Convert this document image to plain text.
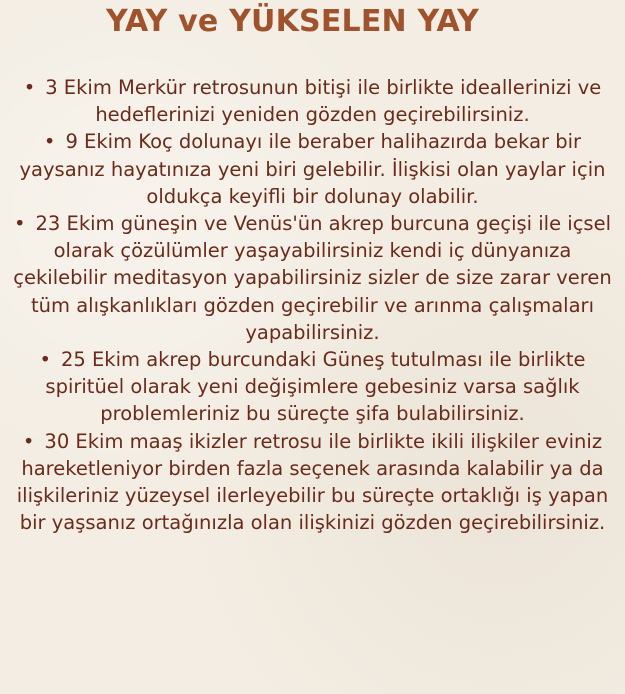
YAY ve YÜKSELEN YAY
• 3 Ekim Merkür retrosunun bitişi ile birlikte ideallerinizi ve hedeflerinizi yeniden gözden geçirebilirsiniz.
• 9 Ekim Koç dolunayı ile beraber halihazırda bekar bir yaysanız hayatınıza yeni biri gelebilir. İlişkisi olan yaylar için oldukça keyifli bir dolunay olabilir.
• 23 Ekim güneşin ve Venüs'ün akrep burcuna geçişi ile içsel olarak çözülümler yaşayabilirsiniz kendi iç dünyanıza çekilebilir meditasyon yapabilirsiniz sizler de size zarar veren tüm alışkanlıkları gözden geçirebilir ve arınma çalışmaları yapabilirsiniz.
• 25 Ekim akrep burcundaki Güneş tutulması ile birlikte spiritüel olarak yeni değişimlere gebesiniz varsa sağlık problemleriniz bu süreçte şifa bulabilirsiniz.
• 30 Ekim maaş ikizler retrosu ile birlikte ikili ilişkiler eviniz hareketleniyor birden fazla seçenek arasında kalabilir ya da ilişkileriniz yüzeysel ilerleyebilir bu süreçte ortaklığı iş yapan bir yaşsanız ortağınızla olan ilişkinizi gözden geçirebilirsiniz.
